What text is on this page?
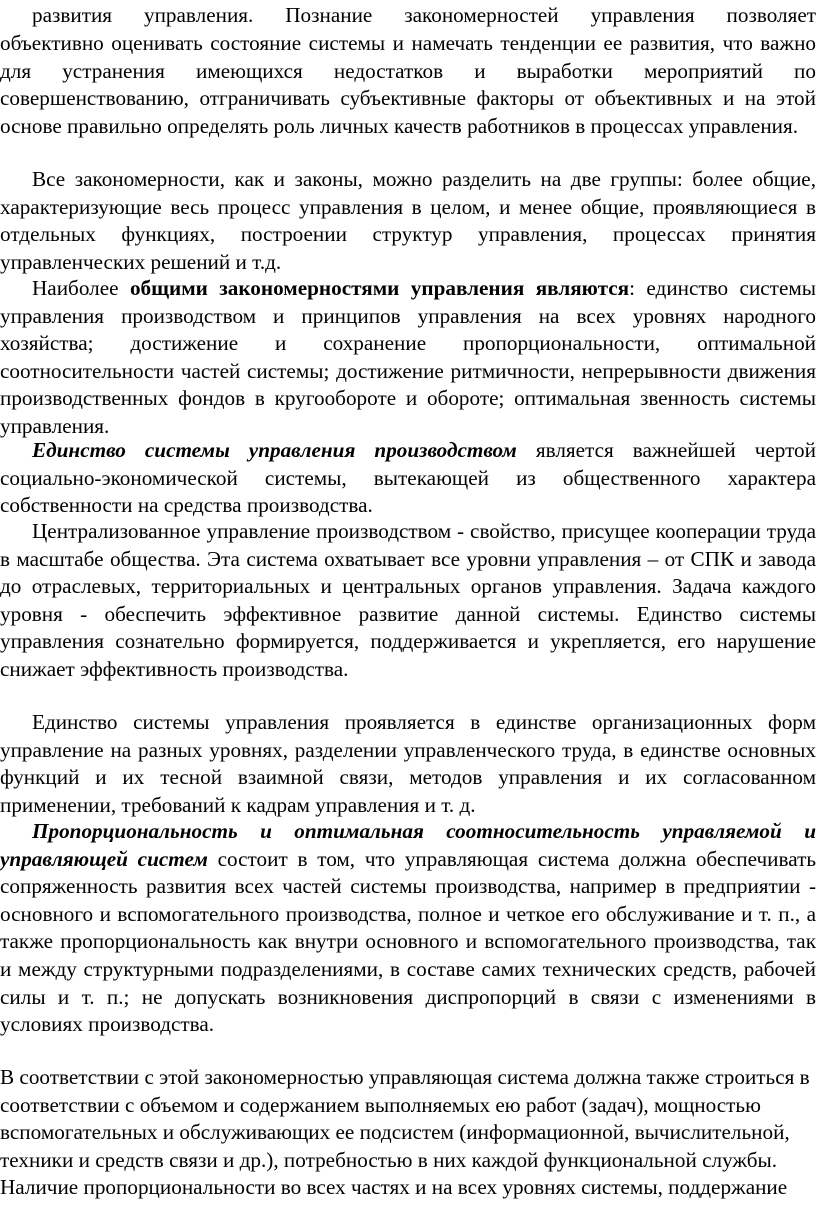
развития управления. Познание закономерностей управления позволяет
объективно оценивать состояние системы и намечать тенденции ее развития, что важно для устранения имеющихся недостатков и выработки мероприятий по совершенствованию, отграничивать субъективные факторы от объективных и на этой основе правильно определять роль личных качеств работников в процессах управления.

Все закономерности, как и законы, можно разделить на две группы: более общие, характеризующие весь процесс управления в целом, и менее общие, проявляющиеся в отдельных функциях, построении структур управления, процессах принятия управленческих решений и т.д.

Наиболее общими закономерностями управления являются: единство системы управления производством и принципов управления на всех уровнях народного хозяйства; достижение и сохранение пропорциональности, оптимальной соотносительности частей системы; достижение ритмичности, непрерывности движения производственных фондов в кругообороте и обороте; оптимальная звенность системы управления.

Единство системы управления производством является важнейшей чертой социально-экономической системы, вытекающей из общественного характера собственности на средства производства.

Централизованное управление производством - свойство, присущее кооперации труда в масштабе общества. Эта система охватывает все уровни управления – от СПК и завода до отраслевых, территориальных и центральных органов управления. Задача каждого уровня - обеспечить эффективное развитие данной системы. Единство системы управления сознательно формируется, поддерживается и укрепляется, его нарушение снижает эффективность производства.

Единство системы управления проявляется в единстве организационных форм управление на разных уровнях, разделении управленческого труда, в единстве основных функций и их тесной взаимной связи, методов управления и их согласованном применении, требований к кадрам управления и т. д.

Пропорциональность и оптимальная соотносительность управляемой и управляющей систем состоит в том, что управляющая система должна обеспечивать сопряженность развития всех частей системы производства, например в предприятии - основного и вспомогательного производства, полное и четкое его обслуживание и т. п., а также пропорциональность как внутри основного и вспомогательного производства, так и между структурными подразделениями, в составе самих технических средств, рабочей силы и т. п.; не допускать возникновения диспропорций в связи с изменениями в условиях производства.

В соответствии с этой закономерностью управляющая система должна также строиться в соответствии с объемом и содержанием выполняемых ею работ (задач), мощностью вспомогательных и обслуживающих ее подсистем (информационной, вычислительной, техники и средств связи и др.), потребностью в них каждой функциональной службы. Наличие пропорциональности во всех частях и на всех уровнях системы, поддержание
